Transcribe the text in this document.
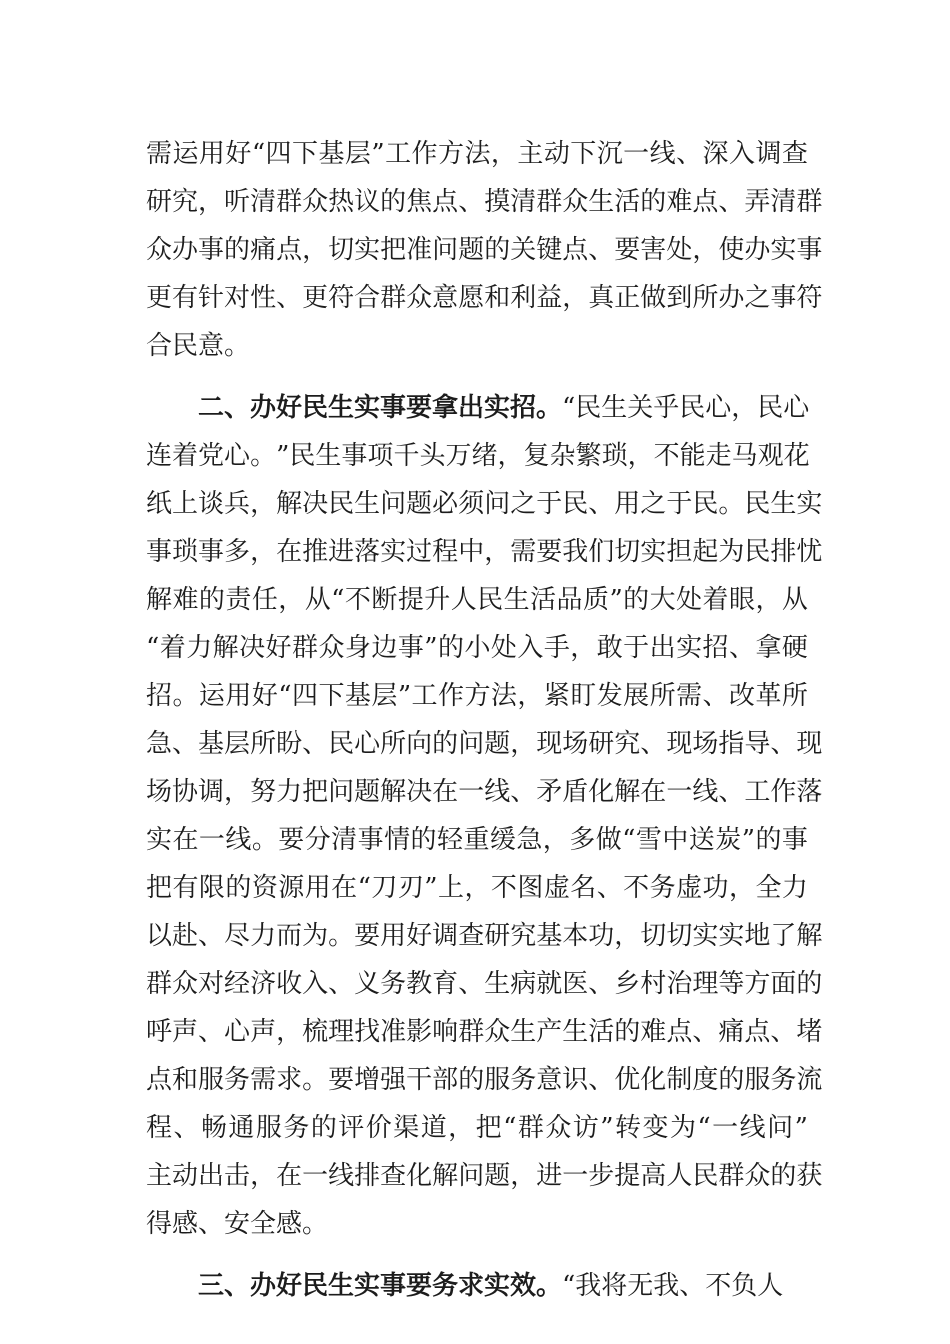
需 运 用 好 “ 四 下 基 层 ” 工 作 方 法 ， 主 动 下 沉 一 线 、 深 入 调 查
研 究 ， 听 清 群 众 热 议 的 焦 点 、 摸 清 群 众 生 活 的 难 点 、 弄 清 群
众 办 事 的 痛 点 ， 切 实 把 准 问 题 的 关 键 点 、 要 害 处 ， 使 办 实 事
更 有 针 对 性 、 更 符 合 群 众 意 愿 和 利 益 ， 真 正 做 到 所 办 之 事 符
合民意。
二、办好民生实事要拿出实招。 “民生关乎民心，民心
连 着 党 心 。 ” 民 生 事 项 千 头 万 绪 ， 复 杂 繁 琐 ， 不 能 走 马 观 花
纸 上 谈 兵 ， 解 决 民 生 问 题 必 须 问 之 于 民 、 用 之 于 民 。 民 生 实
事 琐 事 多 ， 在 推 进 落 实 过 程 中 ， 需 要 我 们 切 实 担 起 为 民 排 忧
解 难 的 责 任 ， 从 “ 不 断 提 升 人 民 生 活 品 质 ” 的 大 处 着 眼 ， 从
“ 着 力 解 决 好 群 众 身 边 事 ” 的 小 处 入 手 ， 敢 于 出 实 招 、 拿 硬
招 。 运 用 好 “ 四 下 基 层 ” 工 作 方 法 ， 紧 盯 发 展 所 需 、 改 革 所
急 、 基 层 所 盼 、 民 心 所 向 的 问 题 ， 现 场 研 究 、 现 场 指 导 、 现
场 协 调 ， 努 力 把 问 题 解 决 在 一 线 、 矛 盾 化 解 在 一 线 、 工 作 落
实 在 一 线 。 要 分 清 事 情 的 轻 重 缓 急 ， 多 做 “ 雪 中 送 炭 ” 的 事
把 有 限 的 资 源 用 在 “ 刀 刃 ” 上 ， 不 图 虚 名 、 不 务 虚 功 ， 全 力
以 赴 、 尽 力 而 为 。 要 用 好 调 查 研 究 基 本 功 ， 切 切 实 实 地 了 解
群 众 对 经 济 收 入 、 义 务 教 育 、 生 病 就 医 、 乡 村 治 理 等 方 面 的
呼 声 、 心 声 ， 梳 理 找 准 影 响 群 众 生 产 生 活 的 难 点 、 痛 点 、 堵
点 和 服 务 需 求 。 要 增 强 干 部 的 服 务 意 识 、 优 化 制 度 的 服 务 流
程 、 畅 通 服 务 的 评 价 渠 道 ， 把 “ 群 众 访 ” 转 变 为 “ 一 线 问 ”
主 动 出 击 ， 在 一 线 排 查 化 解 问 题 ， 进 一 步 提 高 人 民 群 众 的 获
得感、安全感。
三、办好民生实事要务求实效。 “我将无我、不负人
